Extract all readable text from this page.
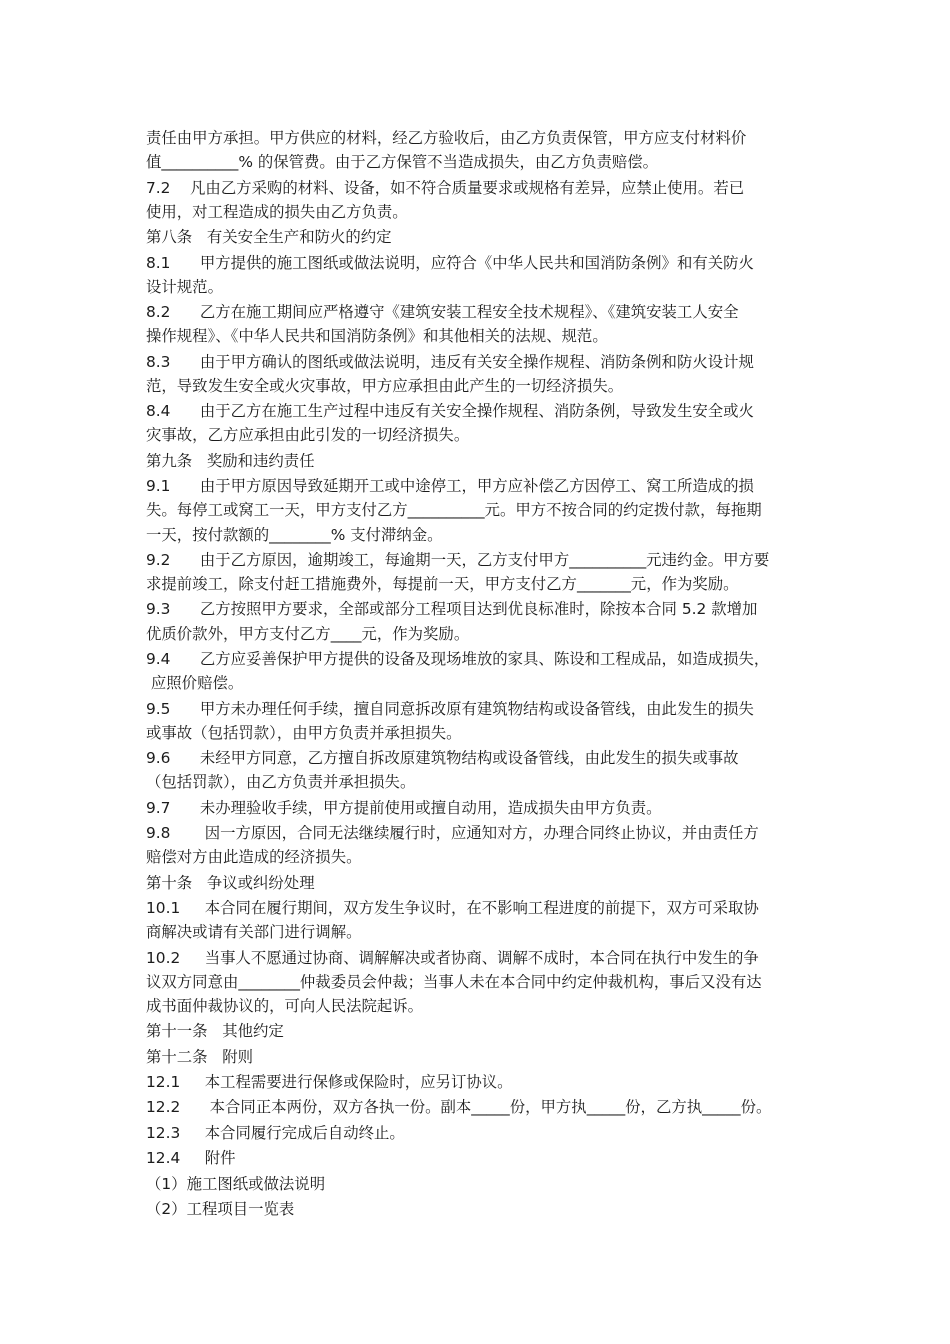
责任由甲方承担。甲方供应的材料，经乙方验收后，由乙方负责保管，甲方应支付材料价
值__________% 的保管费。由于乙方保管不当造成损失，由乙方负责赔偿。
7.2    凡由乙方采购的材料、设备，如不符合质量要求或规格有差异，应禁止使用。若已
使用，对工程造成的损失由乙方负责。
第八条   有关安全生产和防火的约定
8.1      甲方提供的施工图纸或做法说明，应符合《中华人民共和国消防条例》和有关防火
设计规范。
8.2      乙方在施工期间应严格遵守《建筑安装工程安全技术规程》、《建筑安装工人安全
操作规程》、《中华人民共和国消防条例》和其他相关的法规、规范。
8.3      由于甲方确认的图纸或做法说明，违反有关安全操作规程、消防条例和防火设计规
范，导致发生安全或火灾事故，甲方应承担由此产生的一切经济损失。
8.4      由于乙方在施工生产过程中违反有关安全操作规程、消防条例，导致发生安全或火
灾事故，乙方应承担由此引发的一切经济损失。
第九条   奖励和违约责任
9.1      由于甲方原因导致延期开工或中途停工，甲方应补偿乙方因停工、窝工所造成的损
失。每停工或窝工一天，甲方支付乙方__________元。甲方不按合同的约定拨付款，每拖期
一天，按付款额的________% 支付滞纳金。
9.2      由于乙方原因，逾期竣工，每逾期一天，乙方支付甲方__________元违约金。甲方要
求提前竣工，除支付赶工措施费外，每提前一天，甲方支付乙方_______元，作为奖励。
9.3      乙方按照甲方要求，全部或部分工程项目达到优良标准时，除按本合同 5.2 款增加
优质价款外，甲方支付乙方____元，作为奖励。
9.4      乙方应妥善保护甲方提供的设备及现场堆放的家具、陈设和工程成品，如造成损失，
应照价赔偿。
9.5      甲方未办理任何手续，擅自同意拆改原有建筑物结构或设备管线，由此发生的损失
或事故（包括罚款），由甲方负责并承担损失。
9.6      未经甲方同意，乙方擅自拆改原建筑物结构或设备管线，由此发生的损失或事故
（包括罚款），由乙方负责并承担损失。
9.7      未办理验收手续，甲方提前使用或擅自动用，造成损失由甲方负责。
9.8       因一方原因，合同无法继续履行时，应通知对方，办理合同终止协议，并由责任方
赔偿对方由此造成的经济损失。
第十条   争议或纠纷处理
10.1     本合同在履行期间，双方发生争议时，在不影响工程进度的前提下，双方可采取协
商解决或请有关部门进行调解。
10.2     当事人不愿通过协商、调解解决或者协商、调解不成时，本合同在执行中发生的争
议双方同意由________仲裁委员会仲裁；当事人未在本合同中约定仲裁机构，事后又没有达
成书面仲裁协议的，可向人民法院起诉。
第十一条   其他约定
第十二条   附则
12.1     本工程需要进行保修或保险时，应另订协议。
12.2      本合同正本两份，双方各执一份。副本_____份，甲方执_____份，乙方执_____份。
12.3     本合同履行完成后自动终止。
12.4     附件
（1）施工图纸或做法说明
（2）工程项目一览表
